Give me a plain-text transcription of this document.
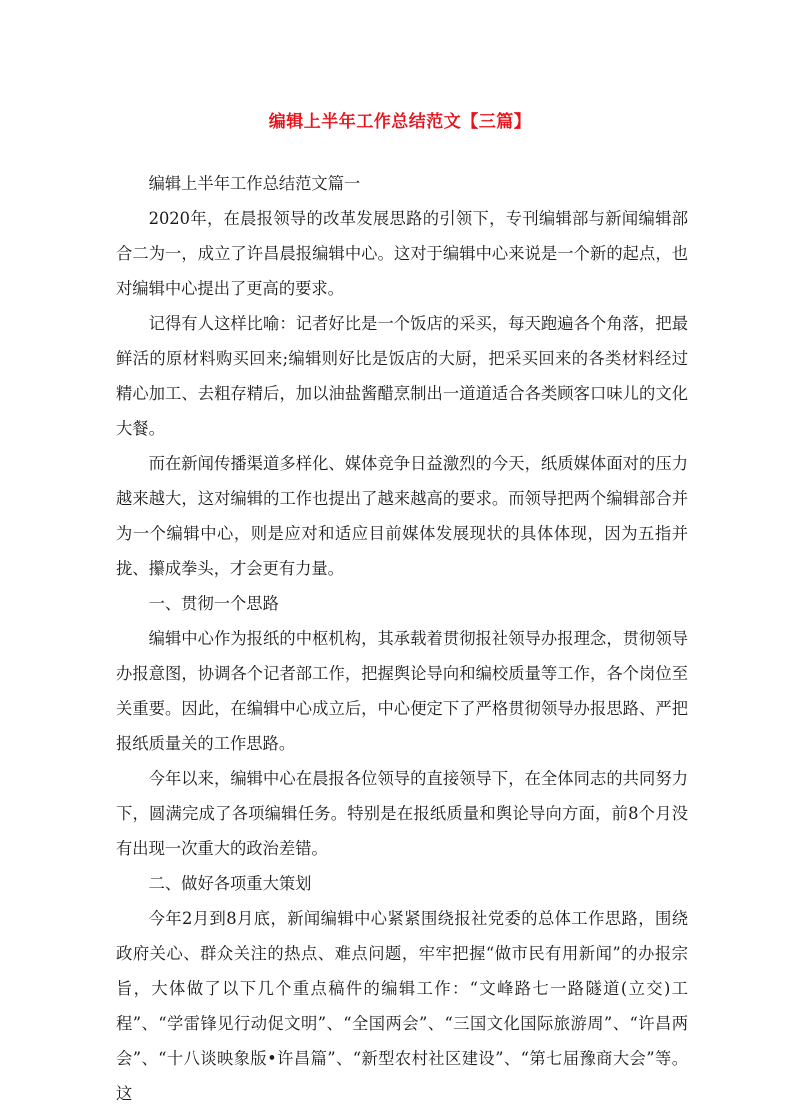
编辑上半年工作总结范文【三篇】

编辑上半年工作总结范文篇一

2020年，在晨报领导的改革发展思路的引领下，专刊编辑部与新闻编辑部合二为一，成立了许昌晨报编辑中心。这对于编辑中心来说是一个新的起点，也对编辑中心提出了更高的要求。

记得有人这样比喻：记者好比是一个饭店的采买，每天跑遍各个角落，把最鲜活的原材料购买回来;编辑则好比是饭店的大厨，把采买回来的各类材料经过精心加工、去粗存精后，加以油盐酱醋烹制出一道道适合各类顾客口味儿的文化大餐。

而在新闻传播渠道多样化、媒体竞争日益激烈的今天，纸质媒体面对的压力越来越大，这对编辑的工作也提出了越来越高的要求。而领导把两个编辑部合并为一个编辑中心，则是应对和适应目前媒体发展现状的具体体现，因为五指并拢、攥成拳头，才会更有力量。

一、贯彻一个思路

编辑中心作为报纸的中枢机构，其承载着贯彻报社领导办报理念，贯彻领导办报意图，协调各个记者部工作，把握舆论导向和编校质量等工作，各个岗位至关重要。因此，在编辑中心成立后，中心便定下了严格贯彻领导办报思路、严把报纸质量关的工作思路。

今年以来，编辑中心在晨报各位领导的直接领导下，在全体同志的共同努力下，圆满完成了各项编辑任务。特别是在报纸质量和舆论导向方面，前8个月没有出现一次重大的政治差错。

二、做好各项重大策划

今年2月到8月底，新闻编辑中心紧紧围绕报社党委的总体工作思路，围绕政府关心、群众关注的热点、难点问题，牢牢把握“做市民有用新闻”的办报宗旨，大体做了以下几个重点稿件的编辑工作：“文峰路七一路隧道(立交)工程”、“学雷锋见行动促文明”、“全国两会”、“三国文化国际旅游周”、“许昌两会”、“十八谈映象版•许昌篇”、“新型农村社区建设”、“第七届豫商大会”等。这
